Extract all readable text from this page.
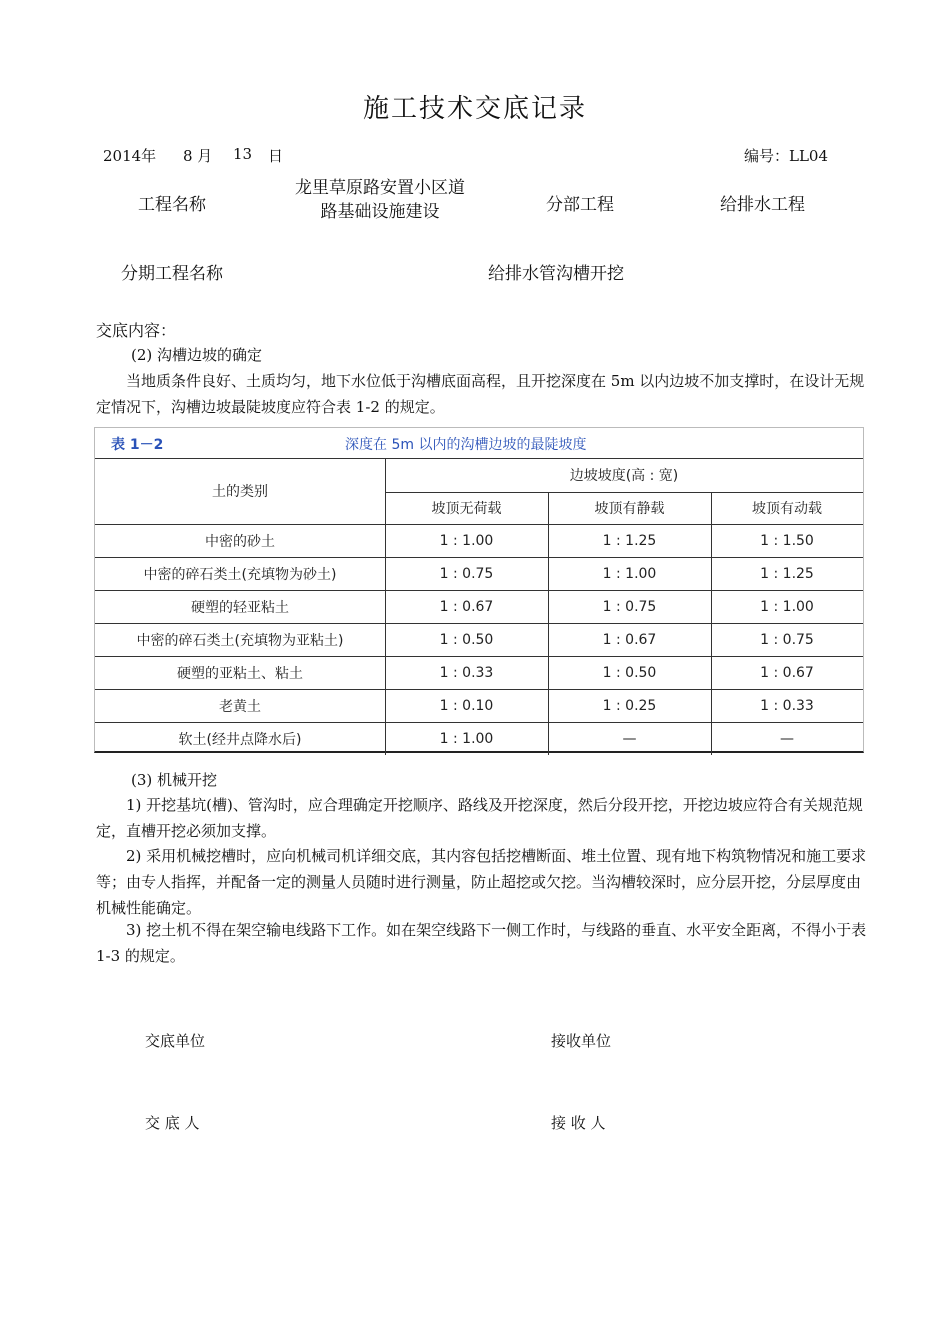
施工技术交底记录
2014年 8 月 13 日	编号：LL04
工程名称
龙里草原路安置小区道
路基础设施建设	分部工程	给排水工程
分期工程名称	给排水管沟槽开挖
交底内容：
(2) 沟槽边坡的确定
当地质条件良好、土质均匀，地下水位低于沟槽底面高程，且开挖深度在 5m 以内边坡不加支撑时，在设计无规定情况下，沟槽边坡最陡坡度应符合表 1-2 的规定。
表 1－2	深度在 5m 以内的沟槽边坡的最陡坡度
土的类别
边坡坡度(高 : 宽)
坡顶无荷载	坡顶有静载	坡顶有动载
中密的砂土	1 : 1.00	1 : 1.25	1 : 1.50
中密的碎石类土(充填物为砂土)	1 : 0.75	1 : 1.00	1 : 1.25
硬塑的轻亚粘土	1 : 0.67	1 : 0.75	1 : 1.00
中密的碎石类土(充填物为亚粘土)	1 : 0.50	1 : 0.67	1 : 0.75
硬塑的亚粘土、粘土	1 : 0.33	1 : 0.50	1 : 0.67
老黄土	1 : 0.10	1 : 0.25	1 : 0.33
软土(经井点降水后)	1 : 1.00	—	—
(3) 机械开挖
1) 开挖基坑(槽)、管沟时，应合理确定开挖顺序、路线及开挖深度，然后分段开挖，开挖边坡应符合有关规范规定，直槽开挖必须加支撑。
2) 采用机械挖槽时，应向机械司机详细交底，其内容包括挖槽断面、堆土位置、现有地下构筑物情况和施工要求等；由专人指挥，并配备一定的测量人员随时进行测量，防止超挖或欠挖。当沟槽较深时，应分层开挖，分层厚度由机械性能确定。
3) 挖土机不得在架空输电线路下工作。如在架空线路下一侧工作时，与线路的垂直、水平安全距离，不得小于表 1-3 的规定。
交底单位	接收单位
交 底 人	接 收 人
